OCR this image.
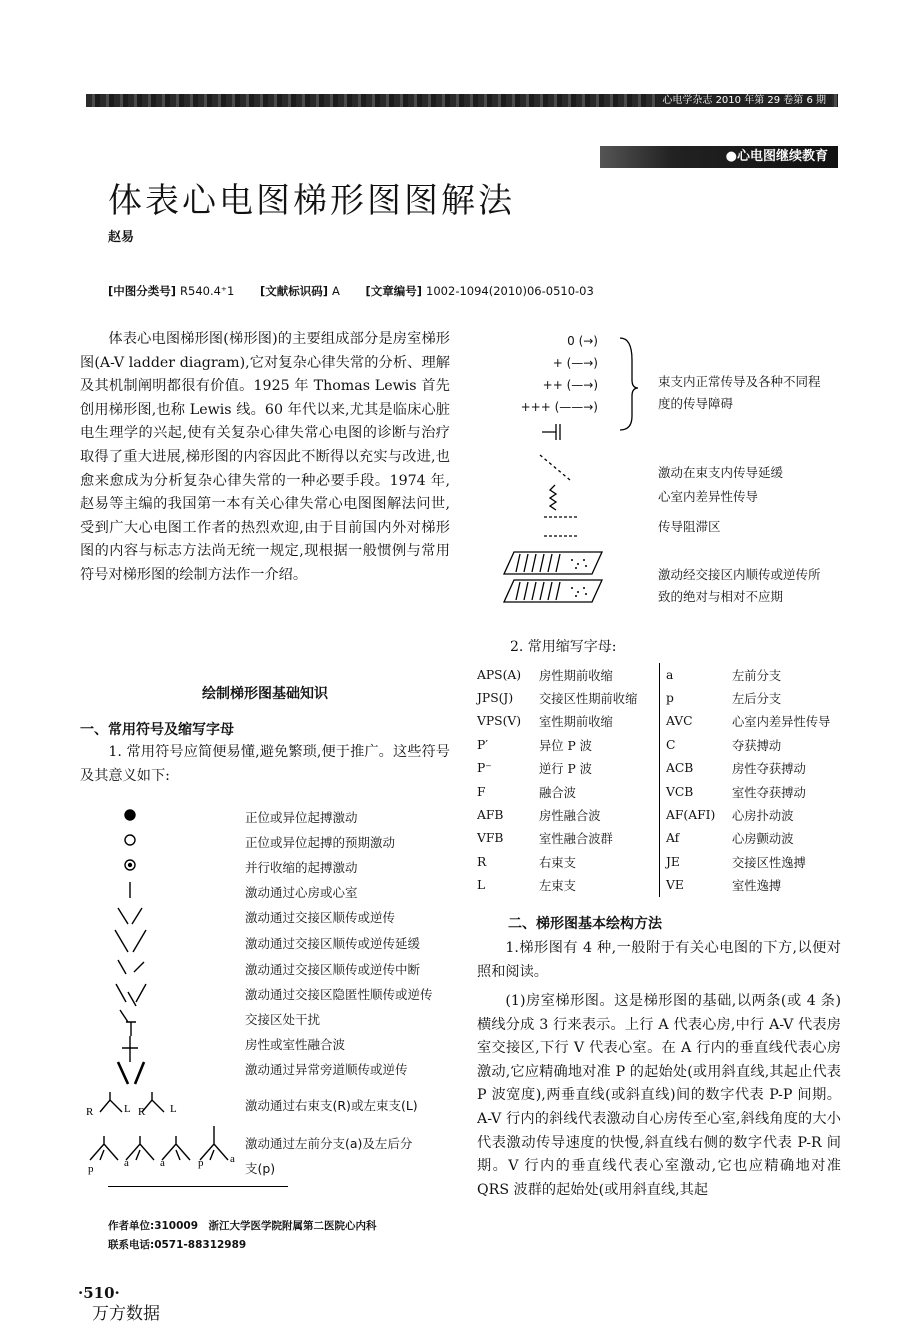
心电学杂志 2010 年第 29 卷第 6 期
●心电图继续教育
体表心电图梯形图图解法
赵易
[中图分类号] R540.4⁺1 [文献标识码] A [文章编号] 1002-1094(2010)06-0510-03
体表心电图梯形图(梯形图)的主要组成部分是房室梯形图(A-V ladder diagram),它对复杂心律失常的分析、理解及其机制阐明都很有价值。1925 年 Thomas Lewis 首先创用梯形图,也称 Lewis 线。60 年代以来,尤其是临床心脏电生理学的兴起,使有关复杂心律失常心电图的诊断与治疗取得了重大进展,梯形图的内容因此不断得以充实与改进,也愈来愈成为分析复杂心律失常的一种必要手段。1974 年,赵易等主编的我国第一本有关心律失常心电图图解法问世,受到广大心电图工作者的热烈欢迎,由于目前国内外对梯形图的内容与标志方法尚无统一规定,现根据一般惯例与常用符号对梯形图的绘制方法作一介绍。
绘制梯形图基础知识
一、常用符号及缩写字母
1. 常用符号应简便易懂,避免繁琐,便于推广。这些符号及其意义如下:
R	L R L
p	a	a	p a
正位或异位起搏激动
正位或异位起搏的预期激动
并行收缩的起搏激动
激动通过心房或心室
激动通过交接区顺传或逆传
激动通过交接区顺传或逆传延缓
激动通过交接区顺传或逆传中断
激动通过交接区隐匿性顺传或逆传
交接区处干扰
房性或室性融合波
激动通过异常旁道顺传或逆传
激动通过右束支(R)或左束支(L)
激动通过左前分支(a)及左后分
支(p)
作者单位:310009　浙江大学医学院附属第二医院心内科
联系电话:0571-88312989
·510·
万方数据
0 (→)
+ (—→)
++ (—→)
+++ (——→)
束支内正常传导及各种不同程
度的传导障碍
激动在束支内传导延缓
心室内差异性传导
传导阻滞区
激动经交接区内顺传或逆传所
致的绝对与相对不应期
2. 常用缩写字母:
APS(A)	房性期前收缩	a	左前分支
JPS(J)	交接区性期前收缩	p	左后分支
VPS(V)	室性期前收缩	AVC	心室内差异性传导
P′	异位 P 波	C	夺获搏动
P⁻	逆行 P 波	ACB	房性夺获搏动
F	融合波	VCB	室性夺获搏动
AFB	房性融合波	AF(AFI)	心房扑动波
VFB	室性融合波群	Af	心房颤动波
R	右束支	JE	交接区性逸搏
L	左束支	VE	室性逸搏
二、梯形图基本绘构方法
1.梯形图有 4 种,一般附于有关心电图的下方,以便对照和阅读。
(1)房室梯形图。这是梯形图的基础,以两条(或 4 条)横线分成 3 行来表示。上行 A 代表心房,中行 A-V 代表房室交接区,下行 V 代表心室。在 A 行内的垂直线代表心房激动,它应精确地对准 P 的起始处(或用斜直线,其起止代表 P 波宽度),两垂直线(或斜直线)间的数字代表 P-P 间期。A-V 行内的斜线代表激动自心房传至心室,斜线角度的大小代表激动传导速度的快慢,斜直线右侧的数字代表 P-R 间期。V 行内的垂直线代表心室激动,它也应精确地对准 QRS 波群的起始处(或用斜直线,其起
